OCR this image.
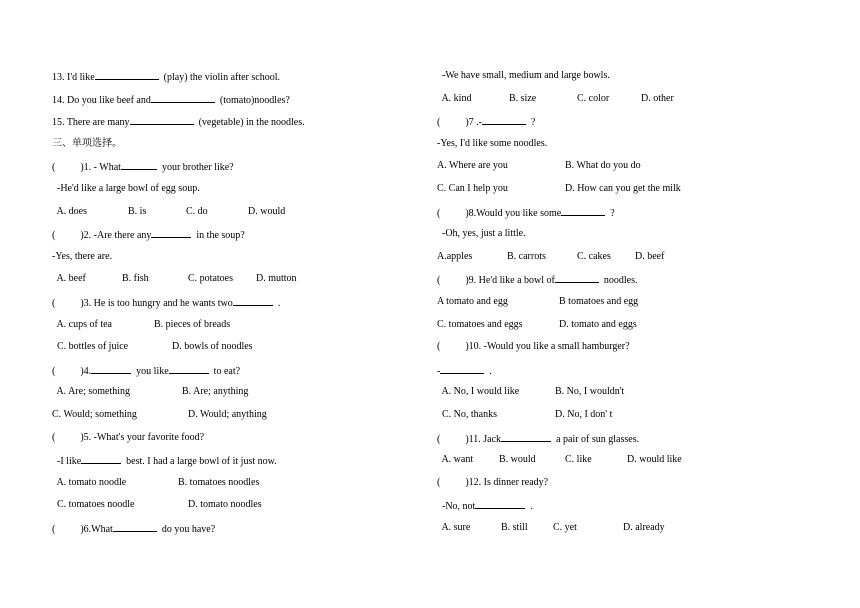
13. I'd like	(play) the violin after school.
14. Do you like beef and	(tomato)noodles?
15. There are many	(vegetable) in the noodles.
三、单项选择。
(          )1. - What	your brother like?
-He'd like a large bowl of egg soup.
A. does	B. is	C. do	D. would
(          )2. -Are there any	in the soup?
-Yes, there are.
A. beef	B. fish	C. potatoes	D. mutton
(          )3. He is too hungry and he wants two	.
A. cups of tea	B. pieces of breads
C. bottles of juice	D. bowls of noodles
(          )4.	you like	to eat?
A. Are; something	B. Are; anything
C. Would; something	D. Would; anything
(          )5. -What's your favorite food?
-I like	best. I had a large bowl of it just now.
A. tomato noodle	B. tomatoes noodles
C. tomatoes noodle	D. tomato noodles
(          )6.What	do you have?
-We have small, medium and large bowls.
A. kind	B. size	C. color	D. other
(          )7 .-	?
-Yes, I'd like some noodles.
A. Where are you	B. What do you do
C. Can I help you	D. How can you get the milk
(          )8.Would you like some	?
-Oh, yes, just a little.
A.apples	B. carrots	C. cakes	D. beef
(          )9. He'd like a bowl of	noodles.
A tomato and egg	B tomatoes and egg
C. tomatoes and eggs	D. tomato and eggs
(          )10. -Would you like a small hamburger?
-	.
A. No, I would like	B. No, I wouldn't
C. No, thanks	D. No, I don' t
(          )11. Jack	a pair of sun glasses.
A. want	B. would	C. like	D. would like
(          )12. Is dinner ready?
-No, not	.
A. sure	B. still	C. yet	D. already
